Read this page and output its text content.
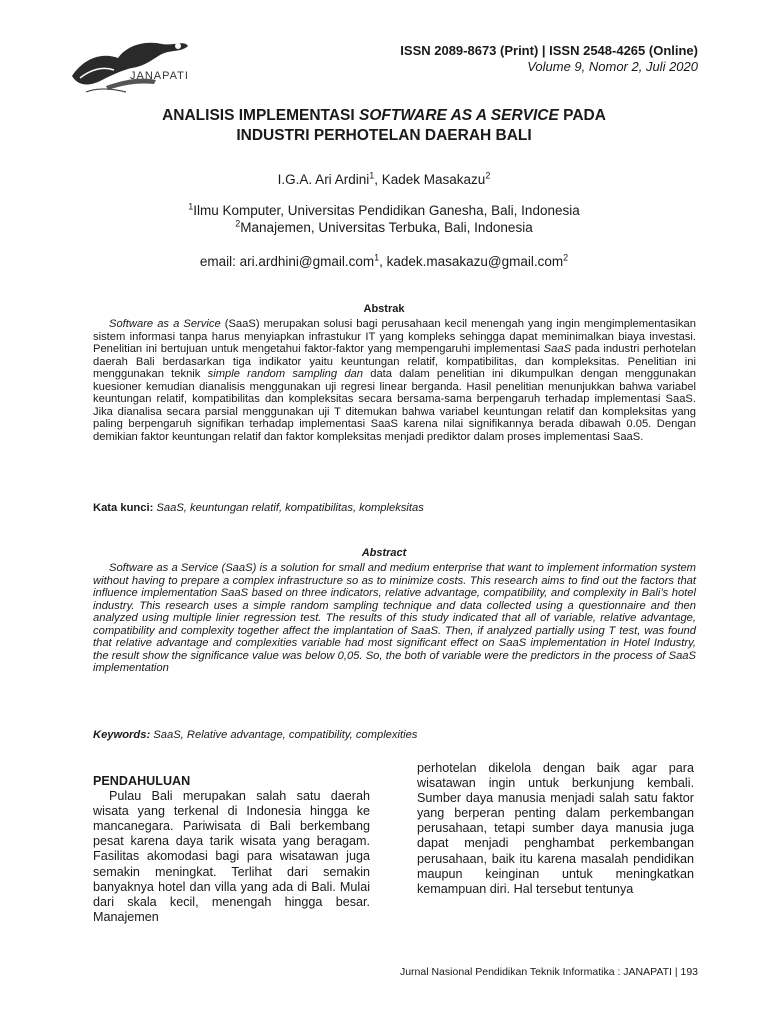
JANAPATI
ISSN 2089-8673 (Print) | ISSN 2548-4265 (Online)
Volume 9, Nomor 2, Juli 2020
ANALISIS IMPLEMENTASI SOFTWARE AS A SERVICE PADA
INDUSTRI PERHOTELAN DAERAH BALI
I.G.A. Ari Ardini$^1$, Kadek Masakazu$^2$
$^1$Ilmu Komputer, Universitas Pendidikan Ganesha, Bali, Indonesia
$^2$Manajemen, Universitas Terbuka, Bali, Indonesia
email: ari.ardhini@gmail.com$^1$, kadek.masakazu@gmail.com$^2$
Abstrak

Software as a Service (SaaS) merupakan solusi bagi perusahaan kecil menengah yang ingin mengimplementasikan sistem informasi tanpa harus menyiapkan infrastukur IT yang kompleks sehingga dapat meminimalkan biaya investasi. Penelitian ini bertujuan untuk mengetahui faktor-faktor yang mempengaruhi implementasi SaaS pada industri perhotelan daerah Bali berdasarkan tiga indikator yaitu keuntungan relatif, kompatibilitas, dan kompleksitas. Penelitian ini menggunakan teknik simple random sampling dan data dalam penelitian ini dikumpulkan dengan menggunakan kuesioner kemudian dianalisis menggunakan uji regresi linear berganda. Hasil penelitian menunjukkan bahwa variabel keuntungan relatif, kompatibilitas dan kompleksitas secara bersama-sama berpengaruh terhadap implementasi SaaS. Jika dianalisa secara parsial menggunakan uji T ditemukan bahwa variabel keuntungan relatif dan kompleksitas yang paling berpengaruh signifikan terhadap implementasi SaaS karena nilai signifikannya berada dibawah 0.05. Dengan demikian faktor keuntungan relatif dan faktor kompleksitas menjadi prediktor dalam proses implementasi SaaS.

Kata kunci: SaaS, keuntungan relatif, kompatibilitas, kompleksitas
Abstract

Software as a Service (SaaS) is a solution for small and medium enterprise that want to implement information system without having to prepare a complex infrastructure so as to minimize costs. This research aims to find out the factors that influence implementation SaaS based on three indicators, relative advantage, compatibility, and complexity in Bali’s hotel industry. This research uses a simple random sampling technique and data collected using a questionnaire and then analyzed using multiple linier regression test. The results of this study indicated that all of variable, relative advantage, compatibility and complexity together affect the implantation of SaaS. Then, if analyzed partially using T test, was found that relative advantage and complexities variable had most significant effect on SaaS implementation in Hotel Industry, the result show the significance value was below 0,05. So, the both of variable were the predictors in the process of SaaS implementation

Keywords: SaaS, Relative advantage, compatibility, complexities

PENDAHULUAN

Pulau Bali merupakan salah satu daerah wisata yang terkenal di Indonesia hingga ke mancanegara. Pariwisata di Bali berkembang pesat karena daya tarik wisata yang beragam. Fasilitas akomodasi bagi para wisatawan juga semakin meningkat. Terlihat dari semakin banyaknya hotel dan villa yang ada di Bali. Mulai dari skala kecil, menengah hingga besar. Manajemen

perhotelan dikelola dengan baik agar para wisatawan ingin untuk berkunjung kembali. Sumber daya manusia menjadi salah satu faktor yang berperan penting dalam perkembangan perusahaan, tetapi sumber daya manusia juga dapat menjadi penghambat perkembangan perusahaan, baik itu karena masalah pendidikan maupun keinginan untuk meningkatkan kemampuan diri. Hal tersebut tentunya

Jurnal Nasional Pendidikan Teknik Informatika : JANAPATI | 193
